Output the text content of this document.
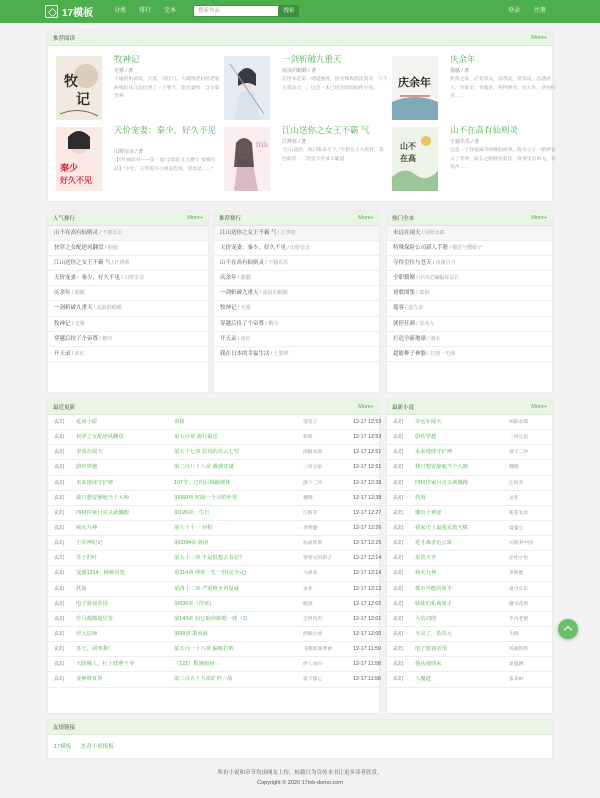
17模板	分类 排行 完本	搜索作品	搜索	登录 注册
推荐阅读	More+
牧
记
牧神记
宅猪 / 著
大墟的祖训说，天黑，别出门。大墟残老村的老弱病残们从江边捡到了一个婴儿，取名秦牧，含辛茹苦将
一剑斩破九重天
流浪的蛤蟆 / 著
前世本是第一剑道强者，因为修炼混沌剑诀，与千万剑灵合一，这是一本已经完结的仙侠小说。	庆余年
庆余年
猫腻 / 著
积善之家，必有余庆，留余庆，留余庆，忽遇恩人；幸娘亲，幸娘亲，积得阴功。劝人生，济困扶穷……
秦少
好久不见
天价宠妻：秦少，好久不见
山野亲亲 / 著
【《红袖读书——第一届“全球征文大赛”》参赛作品】“少年，王得逞升小姐去吃饭，消息是……”
江山
江山送你之女王不霸 气
江烨蓝 / 著
“江山送你，我只唯来天下。”不想女王大放异，采邑陈氏一二处是大乔慕大霸道
山不
在高
山不在高有仙则灵
不独乐乐 / 著
这是一个怪诞离奇的修仙故事。陈号小子一朝被卷入了异界，成长之路跌宕起伏，故事里有鸡飞，有笑声……
人气排行	More+
山不在高有仙则灵 / 不独乐乐
快穿之女配逆风翻盘 / 独独
江山送你之女王不霸 气 / 江烨蓝
天价宠妻：秦少，好久不见 / 山野亲亲
庆余年 / 猫腻
一剑斩破九重天 / 流浪的蛤蟆
牧神记 / 宅猪
穿越后捡了个帝尊 / 鹅冷
开天录 / 血红
推荐排行	More+
江山送你之女王不霸 气 / 江烨蓝
天价宠妻：秦少，好久不见 / 山野亲亲
山不在高有仙则灵 / 不独乐乐
庆余年 / 猫腻
一剑斩破九重天 / 流浪的蛤蟆
牧神记 / 宅猪
穿越后捡了个帝尊 / 鹅冷
开天录 / 血红
我在日本的幸福生活 / 七猫梦
热门全本	More+
未远在闹天 / 闲阳水郎
特殊保险公司新人手册 / 榴花与蟹蛤子
夺得皇位与苍天 / 鱼陇日月
全职赘婿 / 中决定蝙蝠哥哥长
哥歌图集 / 慕骆
蔓客 / 道九章
就停狂颜 / 混沌九
打造全新地球 / 漫水
超能种子神器 / 拉到一毛钱
最近更新	More+
玄幻 花间小影	请假	请笑子	12-17 12:53
玄幻 快穿之女配逆风翻盘	第五百章 强行霸送	荷荷	12-17 12:53
玄幻 李成在闹天	第五十七章 拉风的亮云七型	闲阳水郎	12-17 12:51
玄幻 蔚传穿越	第二百八十八章 戴感穿越	三河豆泉	12-17 12:51
玄幻 未来地球守护神	107节：过招后腾蹦弹体	深十二沙	12-17 12:38
玄幻 我只想安静地当个大师	第060章 时隔一个月的补票	翱翔	12-17 12:38
玄幻 四权你家月亮又就骤跑	第126章：生日	江海笑	12-17 12:27
玄幻 疯火九神	第九十十一 异程	李明健	12-17 12:26
玄幻 主宰神纪记	第0094章 族困	佑而的周	12-17 12:25
玄幻 苏子的叶	第五十三章 不是很想去看看?	察看兄的猪子	12-17 12:14
玄幻 宠溺1314：樟敬侵犯	第314章 理你一生一世(完全完)	马驿兆	12-17 12:14
玄幻 妖海	第四十二章 严震维火再温威	灵菲	12-17 12:13
玄幻 电子游戏帝国	第696章（待章)	瞄剑	12-17 12:02
玄幻 竹马都都超厉害	第143章 给它取你蛙嗯一球（1)	尘世风声	12-17 12:01
玄幻 伊元法师	第99章 萧风海	西朝小看	12-17 12:00
玄幻 苏王，别欢我!	第五百一十八章 偏败打败	飞翔的油菜神	12-17 11:59
玄幻 天降佩人，杠上妖孽王爷	（122）数婉娘场	伊人来归	12-17 11:58
玄幻 龙神修真界	第三百五十九章旷世一战	雷下郁心	12-17 11:58
最新小说	More+
玄幻 李远在闹天	闲阳水郎
玄幻 蔚传穿越	三河豆泉
玄幻 未来地球守护神	深十二沙
玄幻 我只想安静地当个大师	翱翔
玄幻 四权你家月亮又就骤跑	江海笑
玄幻 妖海	灵菲
玄幻 雕出个神途	新花农农
玄幻 我家史上最强无敌天赋	曼曼公
玄幻 进才森者近公寓	司药养中园
玄幻 果着天李	任性小鱼
玄幻 疯火九神	李明健
玄幻 都市异能的简手	夏可东东
玄幻 妹妹的私商简手	懂爷花香
玄幻 大荒词图	半丹老窗
玄幻 天灵了，敦馬元	大线
玄幻 电子游戏帝国	英福铁铁
玄幻 他从地球来	龙隐跳
玄幻 人魔道	依来97
友情链接
17模板 杰奇小说模板
所有小说和章节均由网友上传，转载只为宣传本书让更多读者欣赏。
Copyright © 2020 17mb-demo.com
